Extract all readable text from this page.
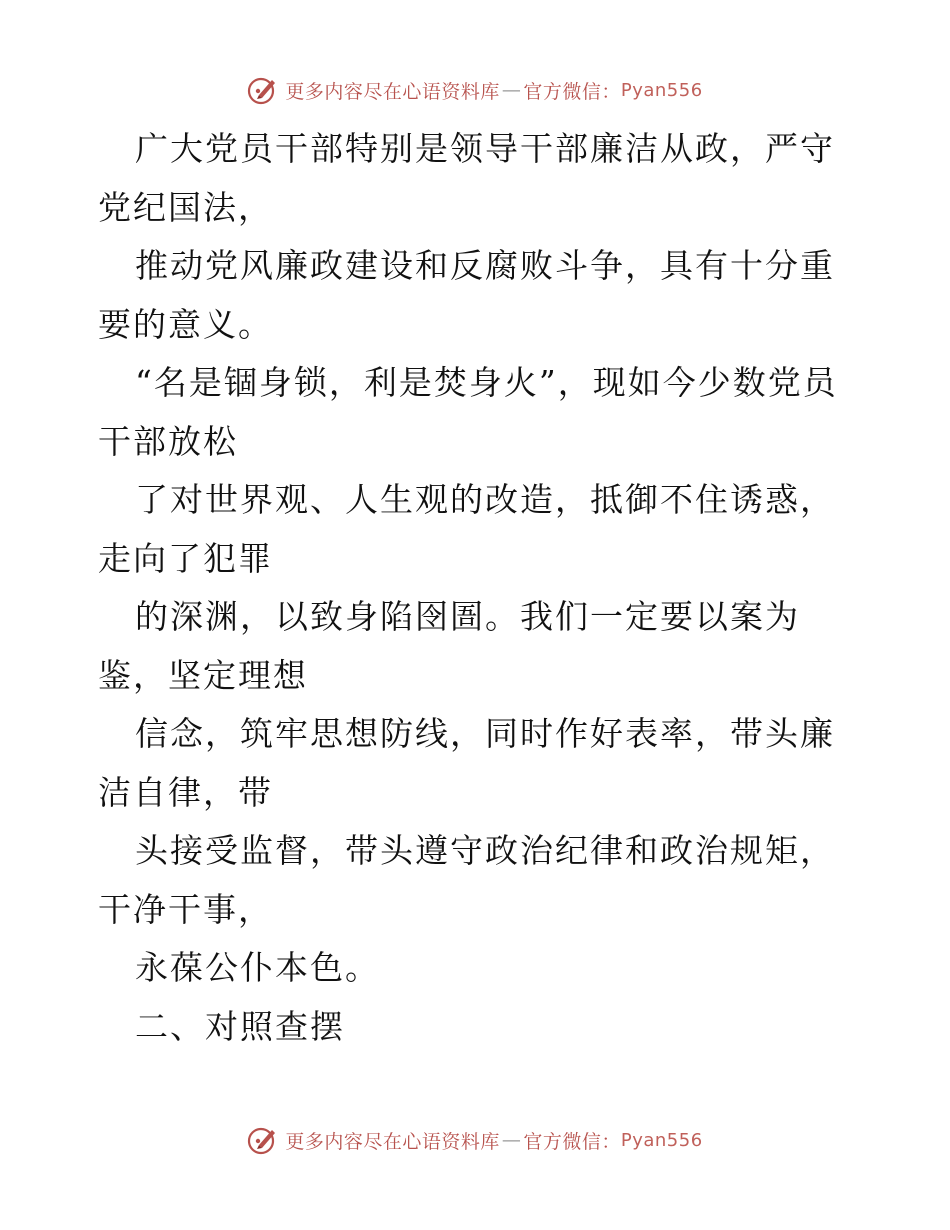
更多内容尽在心语资料库 — 官方微信： Pyan556

广大党员干部特别是领导干部廉洁从政，严守党纪国法，

推动党风廉政建设和反腐败斗争，具有十分重要的意义。

“名是锢身锁，利是焚身火”，现如今少数党员干部放松

了对世界观、人生观的改造，抵御不住诱惑，走向了犯罪

的深渊，以致身陷囹圄。我们一定要以案为鉴，坚定理想

信念，筑牢思想防线，同时作好表率，带头廉洁自律，带

头接受监督，带头遵守政治纪律和政治规矩，干净干事，

永葆公仆本色。

二、对照查摆

更多内容尽在心语资料库 — 官方微信： Pyan556
